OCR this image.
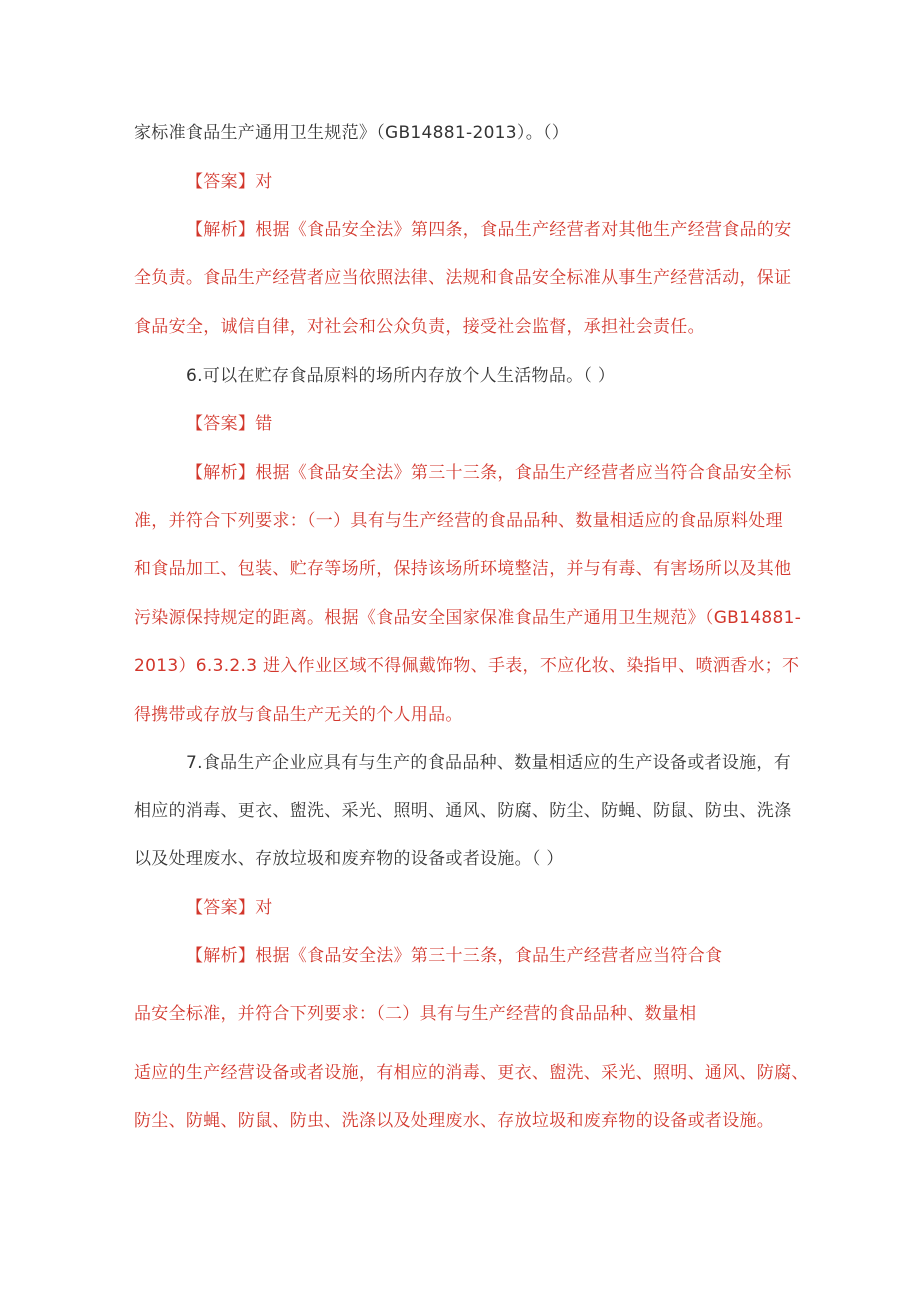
家标准食品生产通用卫生规范》（GB14881-2013）。（）
【答案】对
【解析】根据《食品安全法》第四条，食品生产经营者对其他生产经营食品的安
全负责。食品生产经营者应当依照法律、法规和食品安全标准从事生产经营活动，保证
食品安全，诚信自律，对社会和公众负责，接受社会监督，承担社会责任。
6.可以在贮存食品原料的场所内存放个人生活物品。（ ）
【答案】错
【解析】根据《食品安全法》第三十三条，食品生产经营者应当符合食品安全标
准，并符合下列要求：（一）具有与生产经营的食品品种、数量相适应的食品原料处理
和食品加工、包装、贮存等场所，保持该场所环境整洁，并与有毒、有害场所以及其他
污染源保持规定的距离。根据《食品安全国家保准食品生产通用卫生规范》（GB14881-
2013）6.3.2.3 进入作业区域不得佩戴饰物、手表，不应化妆、染指甲、喷洒香水；不
得携带或存放与食品生产无关的个人用品。
7.食品生产企业应具有与生产的食品品种、数量相适应的生产设备或者设施，有
相应的消毒、更衣、盥洗、采光、照明、通风、防腐、防尘、防蝇、防鼠、防虫、洗涤
以及处理废水、存放垃圾和废弃物的设备或者设施。（ ）
【答案】对
【解析】根据《食品安全法》第三十三条，食品生产经营者应当符合食
品安全标准，并符合下列要求：（二）具有与生产经营的食品品种、数量相
适应的生产经营设备或者设施，有相应的消毒、更衣、盥洗、采光、照明、通风、防腐、
防尘、防蝇、防鼠、防虫、洗涤以及处理废水、存放垃圾和废弃物的设备或者设施。
